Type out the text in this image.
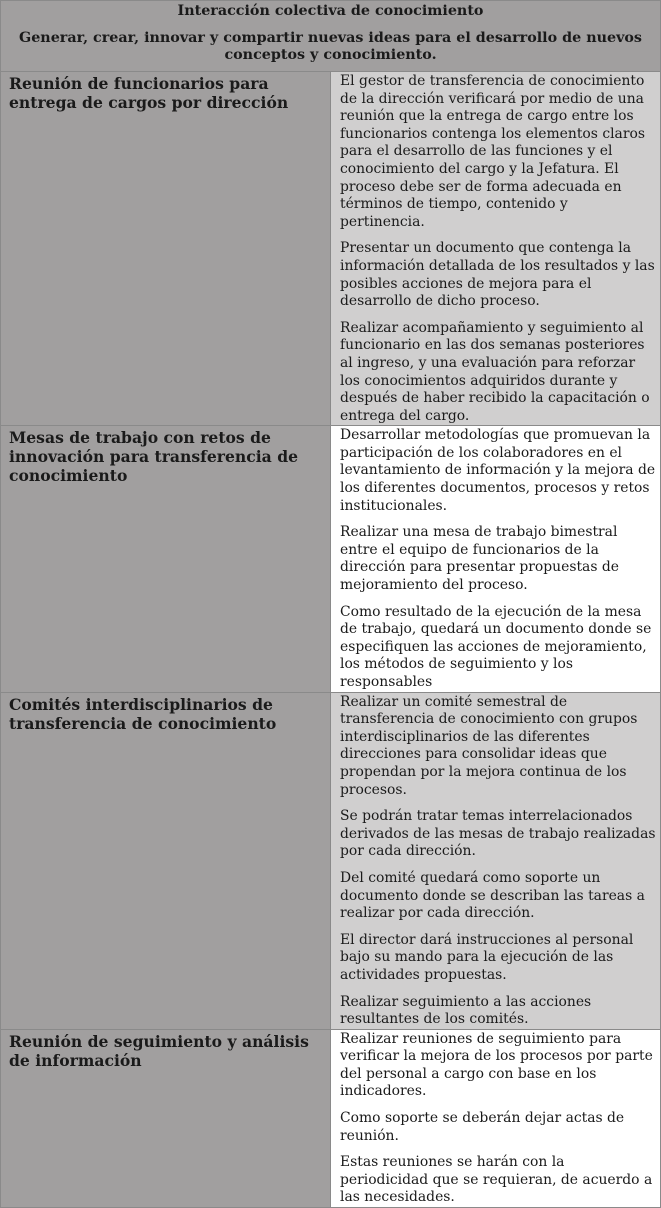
Interacción colectiva de conocimiento
Generar, crear, innovar y compartir nuevas ideas para el desarrollo de nuevos conceptos y conocimiento.	

Reunión de funcionarios para entrega de cargos por dirección	El gestor de transferencia de conocimiento de la dirección verificará por medio de una reunión que la entrega de cargo entre los funcionarios contenga los elementos claros para el desarrollo de las funciones y el conocimiento del cargo y la Jefatura. El proceso debe ser de forma adecuada en términos de tiempo, contenido y pertinencia.

Presentar un documento que contenga la información detallada de los resultados y las posibles acciones de mejora para el desarrollo de dicho proceso.

Realizar acompañamiento y seguimiento al funcionario en las dos semanas posteriores al ingreso, y una evaluación para reforzar los conocimientos adquiridos durante y después de haber recibido la capacitación o entrega del cargo.

Mesas de trabajo con retos de innovación para transferencia de conocimiento	Desarrollar metodologías que promuevan la participación de los colaboradores en el levantamiento de información y la mejora de los diferentes documentos, procesos y retos institucionales.

Realizar una mesa de trabajo bimestral entre el equipo de funcionarios de la dirección para presentar propuestas de mejoramiento del proceso.

Como resultado de la ejecución de la mesa de trabajo, quedará un documento donde se especifiquen las acciones de mejoramiento, los métodos de seguimiento y los responsables

Comités interdisciplinarios de transferencia de conocimiento	Realizar un comité semestral de transferencia de conocimiento con grupos interdisciplinarios de las diferentes direcciones para consolidar ideas que propendan por la mejora continua de los procesos.

Se podrán tratar temas interrelacionados derivados de las mesas de trabajo realizadas por cada dirección.

Del comité quedará como soporte un documento donde se describan las tareas a realizar por cada dirección.

El director dará instrucciones al personal bajo su mando para la ejecución de las actividades propuestas.

Realizar seguimiento a las acciones resultantes de los comités.

Reunión de seguimiento y análisis de información	Realizar reuniones de seguimiento para verificar la mejora de los procesos por parte del personal a cargo con base en los indicadores.

Como soporte se deberán dejar actas de reunión.

Estas reuniones se harán con la periodicidad que se requieran, de acuerdo a las necesidades.
